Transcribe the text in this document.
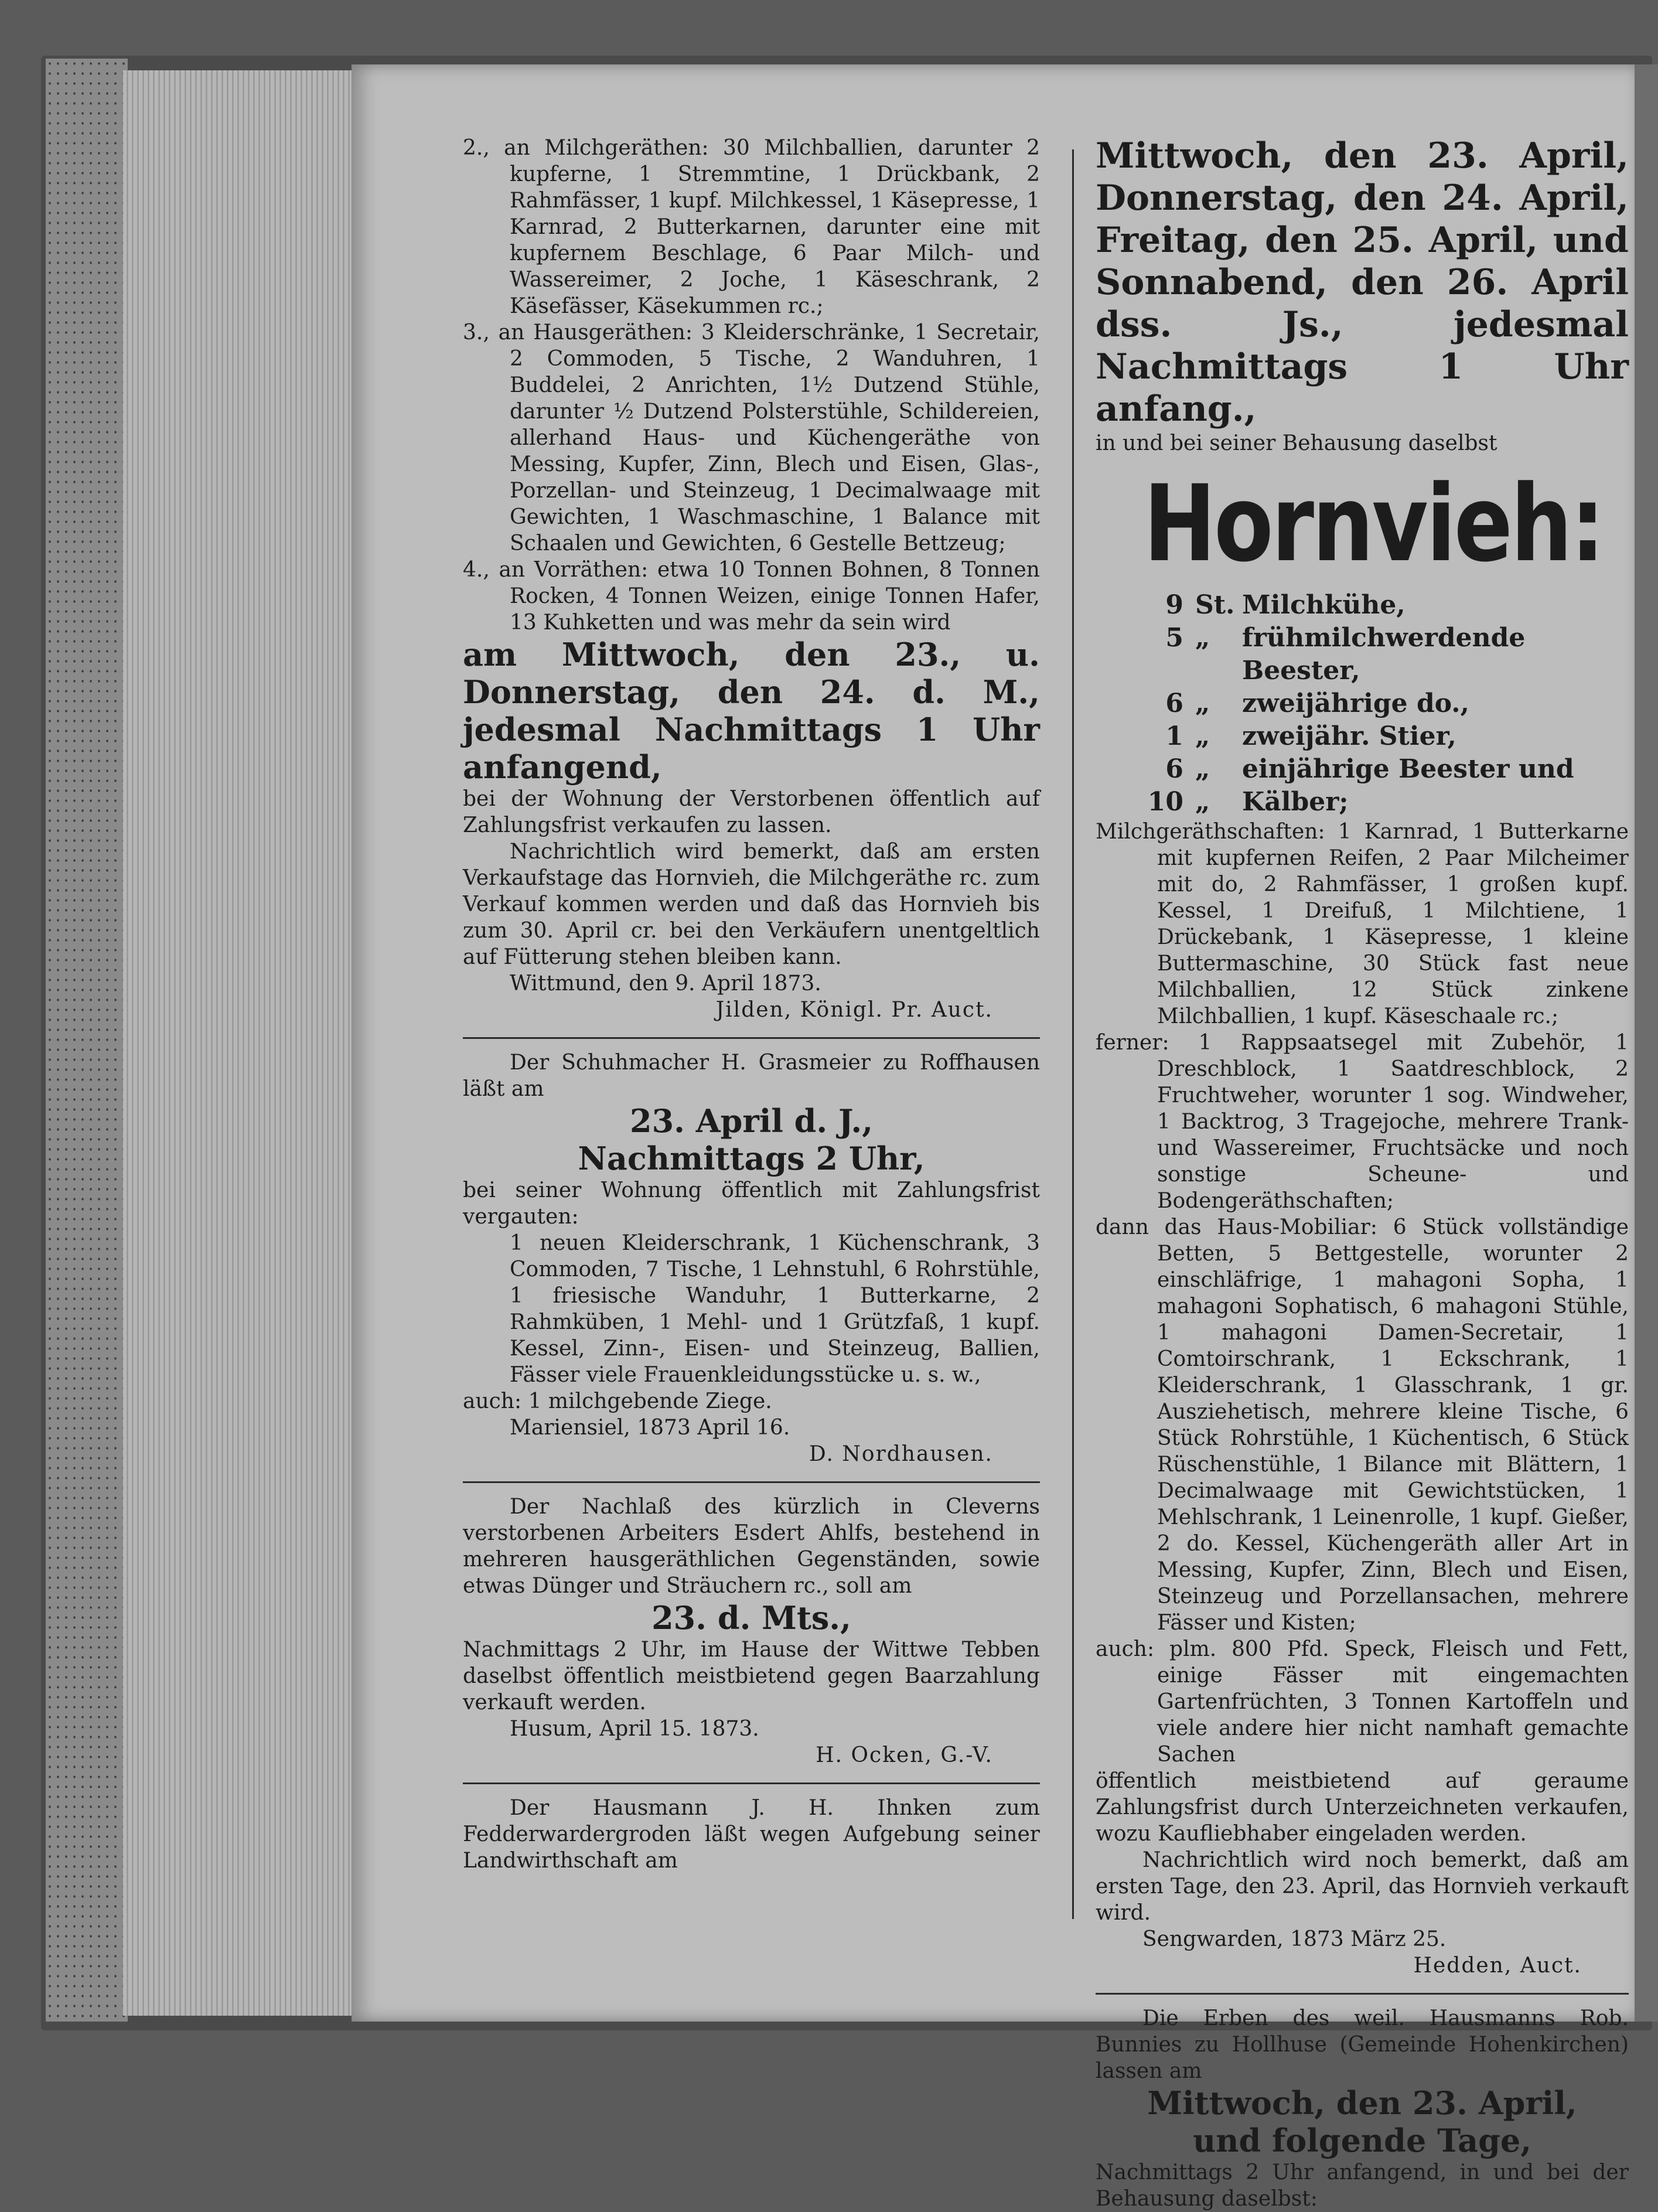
2., an Milchgeräthen: 30 Milchballien, darunter 2 kupferne, 1 Stremmtine, 1 Drückbank, 2 Rahmfässer, 1 kupf. Milchkessel, 1 Käsepresse, 1 Karnrad, 2 Butterkarnen, darunter eine mit kupfernem Beschlage, 6 Paar Milch- und Wassereimer, 2 Joche, 1 Käseschrank, 2 Käsefässer, Käsekummen rc.;

3., an Hausgeräthen: 3 Kleiderschränke, 1 Secretair, 2 Commoden, 5 Tische, 2 Wanduhren, 1 Buddelei, 2 Anrichten, 1½ Dutzend Stühle, darunter ½ Dutzend Polsterstühle, Schildereien, allerhand Haus- und Küchengeräthe von Messing, Kupfer, Zinn, Blech und Eisen, Glas-, Porzellan- und Steinzeug, 1 Decimalwaage mit Gewichten, 1 Waschmaschine, 1 Balance mit Schaalen und Gewichten, 6 Gestelle Bettzeug;

4., an Vorräthen: etwa 10 Tonnen Bohnen, 8 Tonnen Rocken, 4 Tonnen Weizen, einige Tonnen Hafer, 13 Kuhketten und was mehr da sein wird

am Mittwoch, den 23., u. Donnerstag, den 24. d. M., jedesmal Nachmittags 1 Uhr anfangend,

bei der Wohnung der Verstorbenen öffentlich auf Zahlungsfrist verkaufen zu lassen.

Nachrichtlich wird bemerkt, daß am ersten Verkaufstage das Hornvieh, die Milchgeräthe rc. zum Verkauf kommen werden und daß das Hornvieh bis zum 30. April cr. bei den Verkäufern unentgeltlich auf Fütterung stehen bleiben kann.

Wittmund, den 9. April 1873.

Jilden, Königl. Pr. Auct.

Der Schuhmacher H. Grasmeier zu Roffhausen läßt am

23. April d. J.,

Nachmittags 2 Uhr,

bei seiner Wohnung öffentlich mit Zahlungsfrist vergauten:

1 neuen Kleiderschrank, 1 Küchenschrank, 3 Commoden, 7 Tische, 1 Lehnstuhl, 6 Rohrstühle, 1 friesische Wanduhr, 1 Butterkarne, 2 Rahmküben, 1 Mehl- und 1 Grützfaß, 1 kupf. Kessel, Zinn-, Eisen- und Steinzeug, Ballien, Fässer viele Frauenkleidungsstücke u. s. w.,

auch: 1 milchgebende Ziege.

Mariensiel, 1873 April 16.

D. Nordhausen.

Der Nachlaß des kürzlich in Cleverns verstorbenen Arbeiters Esdert Ahlfs, bestehend in mehreren hausgeräthlichen Gegenständen, sowie etwas Dünger und Sträuchern rc., soll am

23. d. Mts.,

Nachmittags 2 Uhr, im Hause der Wittwe Tebben daselbst öffentlich meistbietend gegen Baarzahlung verkauft werden.

Husum, April 15. 1873.

H. Ocken, G.-V.

Der Hausmann J. H. Ihnken zum Fedderwardergroden läßt wegen Aufgebung seiner Landwirthschaft am

Mittwoch, den 23. April, Donnerstag, den 24. April, Freitag, den 25. April, und Sonnabend, den 26. April dss. Js., jedesmal Nachmittags 1 Uhr anfang.,

in und bei seiner Behausung daselbst

Hornvieh:
9 St. Milchkühe,
5 „	frühmilchwerdende Beester,
6 „	zweijährige do.,
1 „	zweijähr. Stier,
6 „	einjährige Beester und
10 „	Kälber;

Milchgeräthschaften: 1 Karnrad, 1 Butterkarne mit kupfernen Reifen, 2 Paar Milcheimer mit do, 2 Rahmfässer, 1 großen kupf. Kessel, 1 Dreifuß, 1 Milchtiene, 1 Drückebank, 1 Käsepresse, 1 kleine Buttermaschine, 30 Stück fast neue Milchballien, 12 Stück zinkene Milchballien, 1 kupf. Käseschaale rc.;

ferner: 1 Rappsaatsegel mit Zubehör, 1 Dreschblock, 1 Saatdreschblock, 2 Fruchtweher, worunter 1 sog. Windweher, 1 Backtrog, 3 Tragejoche, mehrere Trank- und Wassereimer, Fruchtsäcke und noch sonstige Scheune- und Bodengeräthschaften;

dann das Haus-Mobiliar: 6 Stück vollständige Betten, 5 Bettgestelle, worunter 2 einschläfrige, 1 mahagoni Sopha, 1 mahagoni Sophatisch, 6 mahagoni Stühle, 1 mahagoni Damen-Secretair, 1 Comtoirschrank, 1 Eckschrank, 1 Kleiderschrank, 1 Glasschrank, 1 gr. Ausziehetisch, mehrere kleine Tische, 6 Stück Rohrstühle, 1 Küchentisch, 6 Stück Rüschenstühle, 1 Bilance mit Blättern, 1 Decimalwaage mit Gewichtstücken, 1 Mehlschrank, 1 Leinenrolle, 1 kupf. Gießer, 2 do. Kessel, Küchengeräth aller Art in Messing, Kupfer, Zinn, Blech und Eisen, Steinzeug und Porzellansachen, mehrere Fässer und Kisten;

auch: plm. 800 Pfd. Speck, Fleisch und Fett, einige Fässer mit eingemachten Gartenfrüchten, 3 Tonnen Kartoffeln und viele andere hier nicht namhaft gemachte Sachen

öffentlich meistbietend auf geraume Zahlungsfrist durch Unterzeichneten verkaufen, wozu Kaufliebhaber eingeladen werden.

Nachrichtlich wird noch bemerkt, daß am ersten Tage, den 23. April, das Hornvieh verkauft wird.

Sengwarden, 1873 März 25.

Hedden, Auct.

Die Erben des weil. Hausmanns Rob. Bunnies zu Hollhuse (Gemeinde Hohenkirchen) lassen am

Mittwoch, den 23. April,

und folgende Tage,

Nachmittags 2 Uhr anfangend, in und bei der Behausung daselbst:
